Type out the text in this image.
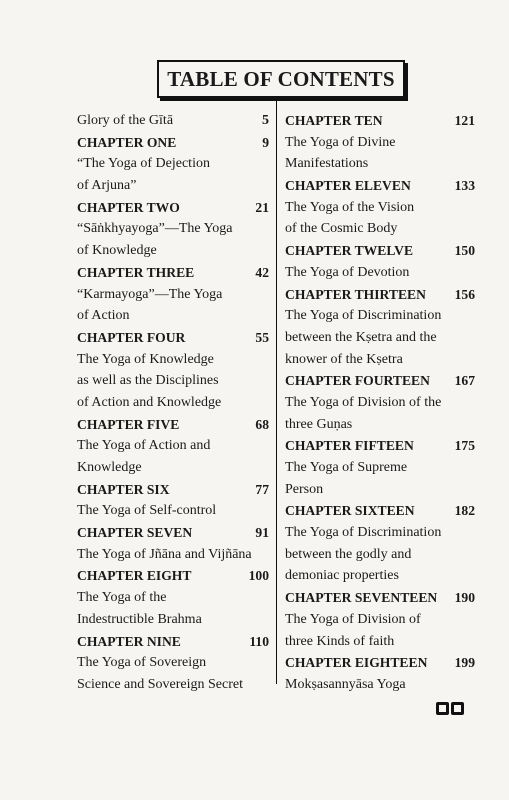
TABLE OF CONTENTS
Glory of the Gītā	5
CHAPTER ONE	9
“The Yoga of Dejection
of Arjuna”
CHAPTER TWO	21
“Sāṅkhyayoga”—The Yoga
of Knowledge
CHAPTER THREE	42
“Karmayoga”—The Yoga
of Action
CHAPTER FOUR	55
The Yoga of Knowledge
as well as the Disciplines
of Action and Knowledge
CHAPTER FIVE	68
The Yoga of Action and
Knowledge
CHAPTER SIX	77
The Yoga of Self-control
CHAPTER SEVEN	91
The Yoga of Jñāna and Vijñāna
CHAPTER EIGHT	100
The Yoga of the
Indestructible Brahma
CHAPTER NINE	110
The Yoga of Sovereign
Science and Sovereign Secret
CHAPTER TEN	121
The Yoga of Divine
Manifestations
CHAPTER ELEVEN	133
The Yoga of the Vision
of the Cosmic Body
CHAPTER TWELVE	150
The Yoga of Devotion
CHAPTER THIRTEEN 156
The Yoga of Discrimination
between the Kṣetra and the
knower of the Kṣetra
CHAPTER FOURTEEN 167
The Yoga of Division of the
three Guṇas
CHAPTER FIFTEEN	175
The Yoga of Supreme
Person
CHAPTER SIXTEEN	182
The Yoga of Discrimination
between the godly and
demoniac properties
CHAPTER SEVENTEEN 190
The Yoga of Division of
three Kinds of faith
CHAPTER EIGHTEEN 199
Mokṣasannyāsa Yoga
